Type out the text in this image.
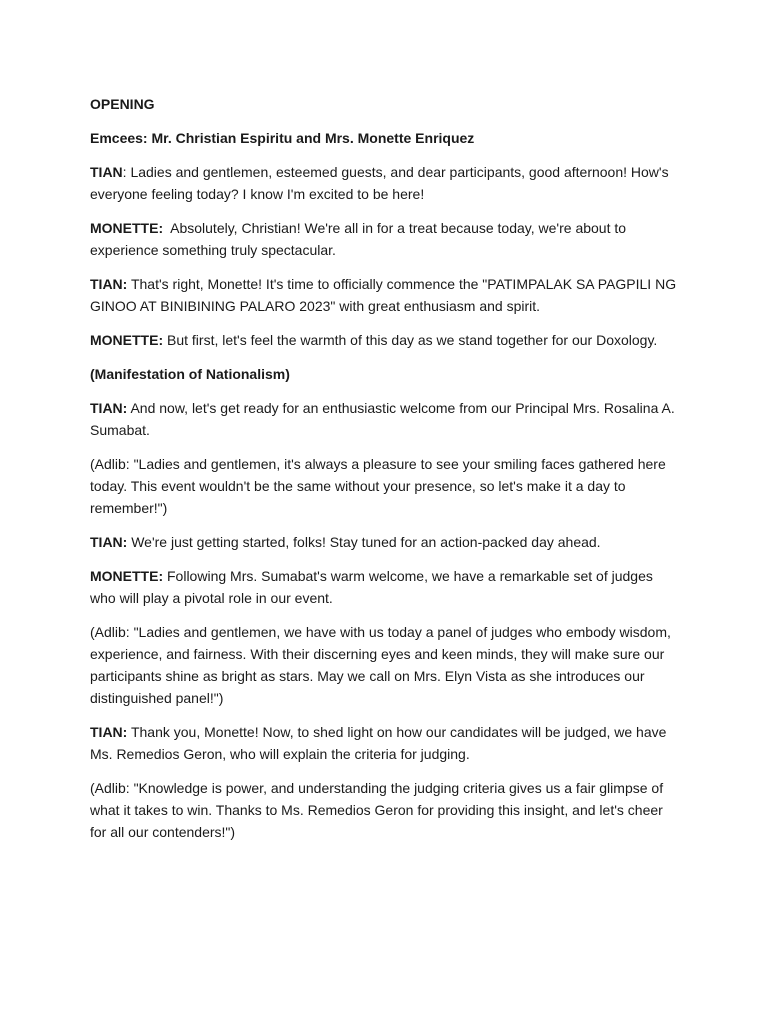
OPENING

Emcees: Mr. Christian Espiritu and Mrs. Monette Enriquez

TIAN: Ladies and gentlemen, esteemed guests, and dear participants, good afternoon! How's everyone feeling today? I know I'm excited to be here!

MONETTE: Absolutely, Christian! We're all in for a treat because today, we're about to experience something truly spectacular.

TIAN: That's right, Monette! It's time to officially commence the "PATIMPALAK SA PAGPILI NG GINOO AT BINIBINING PALARO 2023" with great enthusiasm and spirit.

MONETTE: But first, let's feel the warmth of this day as we stand together for our Doxology.

(Manifestation of Nationalism)

TIAN: And now, let's get ready for an enthusiastic welcome from our Principal Mrs. Rosalina A. Sumabat.

(Adlib: "Ladies and gentlemen, it's always a pleasure to see your smiling faces gathered here today. This event wouldn't be the same without your presence, so let's make it a day to remember!")

TIAN: We're just getting started, folks! Stay tuned for an action-packed day ahead.

MONETTE: Following Mrs. Sumabat's warm welcome, we have a remarkable set of judges who will play a pivotal role in our event.

(Adlib: "Ladies and gentlemen, we have with us today a panel of judges who embody wisdom, experience, and fairness. With their discerning eyes and keen minds, they will make sure our participants shine as bright as stars. May we call on Mrs. Elyn Vista as she introduces our distinguished panel!")

TIAN: Thank you, Monette! Now, to shed light on how our candidates will be judged, we have Ms. Remedios Geron, who will explain the criteria for judging.

(Adlib: "Knowledge is power, and understanding the judging criteria gives us a fair glimpse of what it takes to win. Thanks to Ms. Remedios Geron for providing this insight, and let's cheer for all our contenders!")
